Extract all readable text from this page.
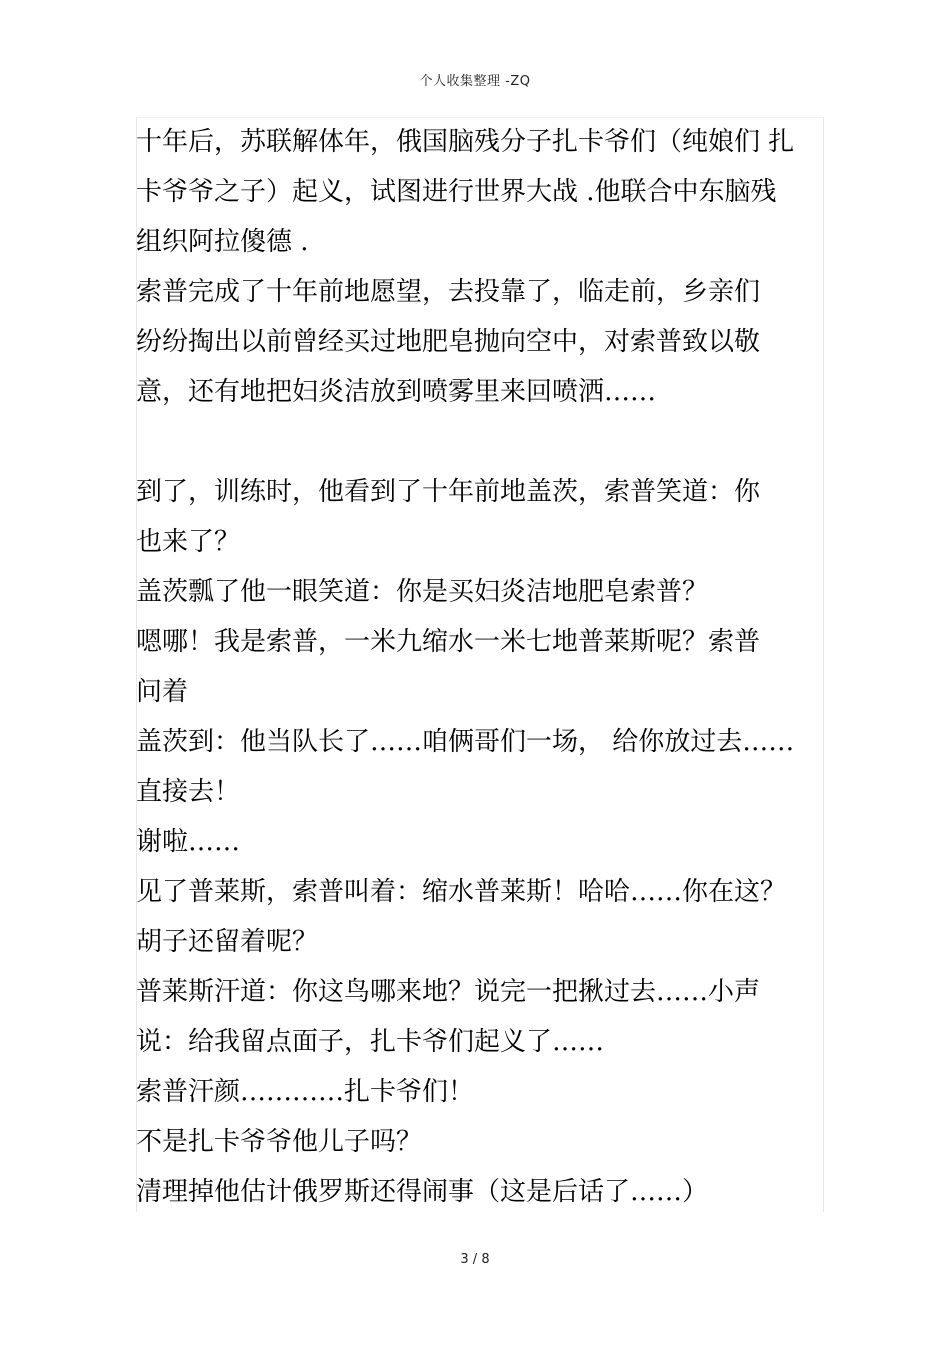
个人收集整理 -ZQ
十年后，苏联解体年，俄国脑残分子扎卡爷们（纯娘们 扎
卡爷爷之子）起义，试图进行世界大战 .他联合中东脑残
组织阿拉傻德 .
索普完成了十年前地愿望，去投靠了，临走前，乡亲们
纷纷掏出以前曾经买过地肥皂抛向空中，对索普致以敬
意，还有地把妇炎洁放到喷雾里来回喷洒……
到了，训练时，他看到了十年前地盖茨，索普笑道：你
也来了？
盖茨瓢了他一眼笑道：你是买妇炎洁地肥皂索普？
嗯哪！我是索普，一米九缩水一米七地普莱斯呢？索普
问着
盖茨到：他当队长了……咱俩哥们一场， 给你放过去……
直接去！
谢啦……
见了普莱斯，索普叫着：缩水普莱斯！哈哈……你在这？
胡子还留着呢？
普莱斯汗道：你这鸟哪来地？说完一把揪过去……小声
说：给我留点面子，扎卡爷们起义了……
索普汗颜…………扎卡爷们！
不是扎卡爷爷他儿子吗？
清理掉他估计俄罗斯还得闹事（这是后话了……）
3 / 8
